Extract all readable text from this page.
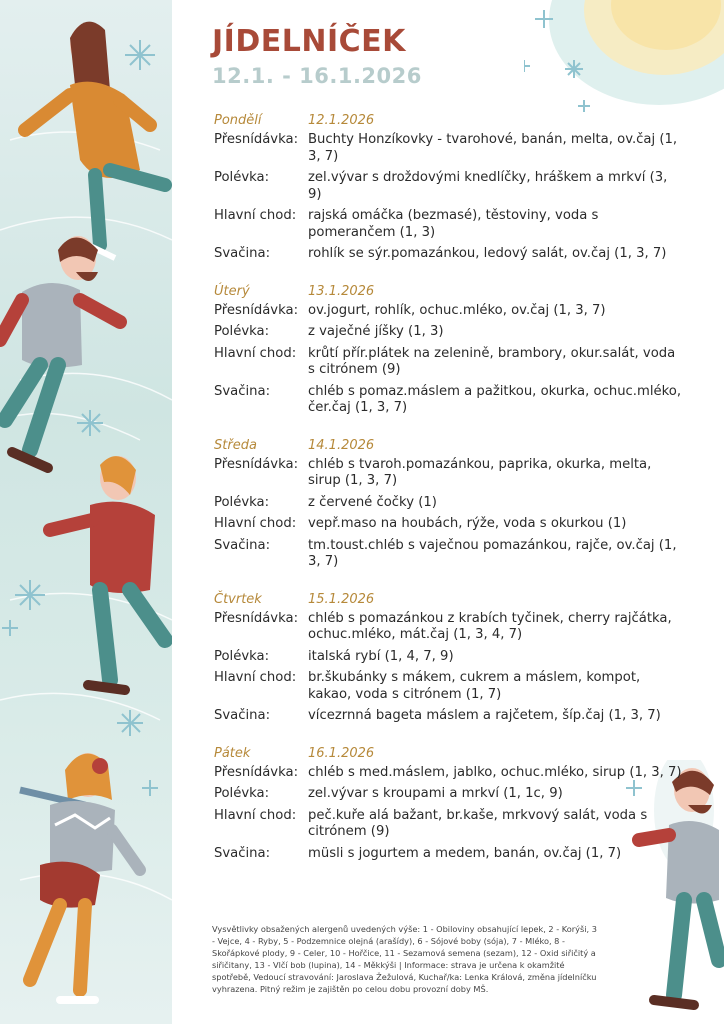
JÍDELNÍČEK
12.1. - 16.1.2026
Pondělí	12.1.2026
Přesnídávka: Buchty Honzíkovky - tvarohové, banán, melta, ov.čaj (1, 3, 7)
Polévka:	zel.vývar s droždovými knedlíčky, hráškem a mrkví (3, 9)
Hlavní chod: rajská omáčka (bezmasé), těstoviny, voda s pomerančem (1, 3)
Svačina:	rohlík se sýr.pomazánkou, ledový salát, ov.čaj (1, 3, 7)
Úterý	13.1.2026
Přesnídávka: ov.jogurt, rohlík, ochuc.mléko, ov.čaj (1, 3, 7)
Polévka:	z vaječné jíšky (1, 3)
Hlavní chod: krůtí přír.plátek na zelenině, brambory, okur.salát, voda s citrónem (9)
Svačina:	chléb s pomaz.máslem a pažitkou, okurka, ochuc.mléko, čer.čaj (1, 3, 7)
Středa	14.1.2026
Přesnídávka: chléb s tvaroh.pomazánkou, paprika, okurka, melta, sirup (1, 3, 7)
Polévka:	z červené čočky (1)
Hlavní chod: vepř.maso na houbách, rýže, voda s okurkou (1)
Svačina:	tm.toust.chléb s vaječnou pomazánkou, rajče, ov.čaj (1, 3, 7)
Čtvrtek	15.1.2026
Přesnídávka: chléb s pomazánkou z krabích tyčinek, cherry rajčátka, ochuc.mléko, mát.čaj (1, 3, 4, 7)
Polévka:	italská rybí (1, 4, 7, 9)
Hlavní chod: br.škubánky s mákem, cukrem a máslem, kompot, kakao, voda s citrónem (1, 7)
Svačina:	vícezrnná bageta máslem a rajčetem, šíp.čaj (1, 3, 7)
Pátek	16.1.2026
Přesnídávka: chléb s med.máslem, jablko, ochuc.mléko, sirup (1, 3, 7)
Polévka:	zel.vývar s kroupami a mrkví (1, 1c, 9)
Hlavní chod: peč.kuře alá bažant, br.kaše, mrkvový salát, voda s citrónem (9)
Svačina:	müsli s jogurtem a medem, banán, ov.čaj (1, 7)
Vysvětlivky obsažených alergenů uvedených výše: 1 - Obiloviny obsahující lepek, 2 - Korýši, 3 - Vejce, 4 - Ryby, 5 - Podzemnice olejná (arašídy), 6 - Sójové boby (sója), 7 - Mléko, 8 - Skořápkové plody, 9 - Celer, 10 - Hořčice, 11 - Sezamová semena (sezam), 12 - Oxid siřičitý a siřičitany, 13 - Vlčí bob (lupina), 14 - Měkkýši | Informace: strava je určena k okamžité spotřebě, Vedoucí stravování: Jaroslava Žežulová, Kuchař/ka: Lenka Králová, změna jídelníčku vyhrazena. Pitný režim je zajištěn po celou dobu provozní doby MŠ.
